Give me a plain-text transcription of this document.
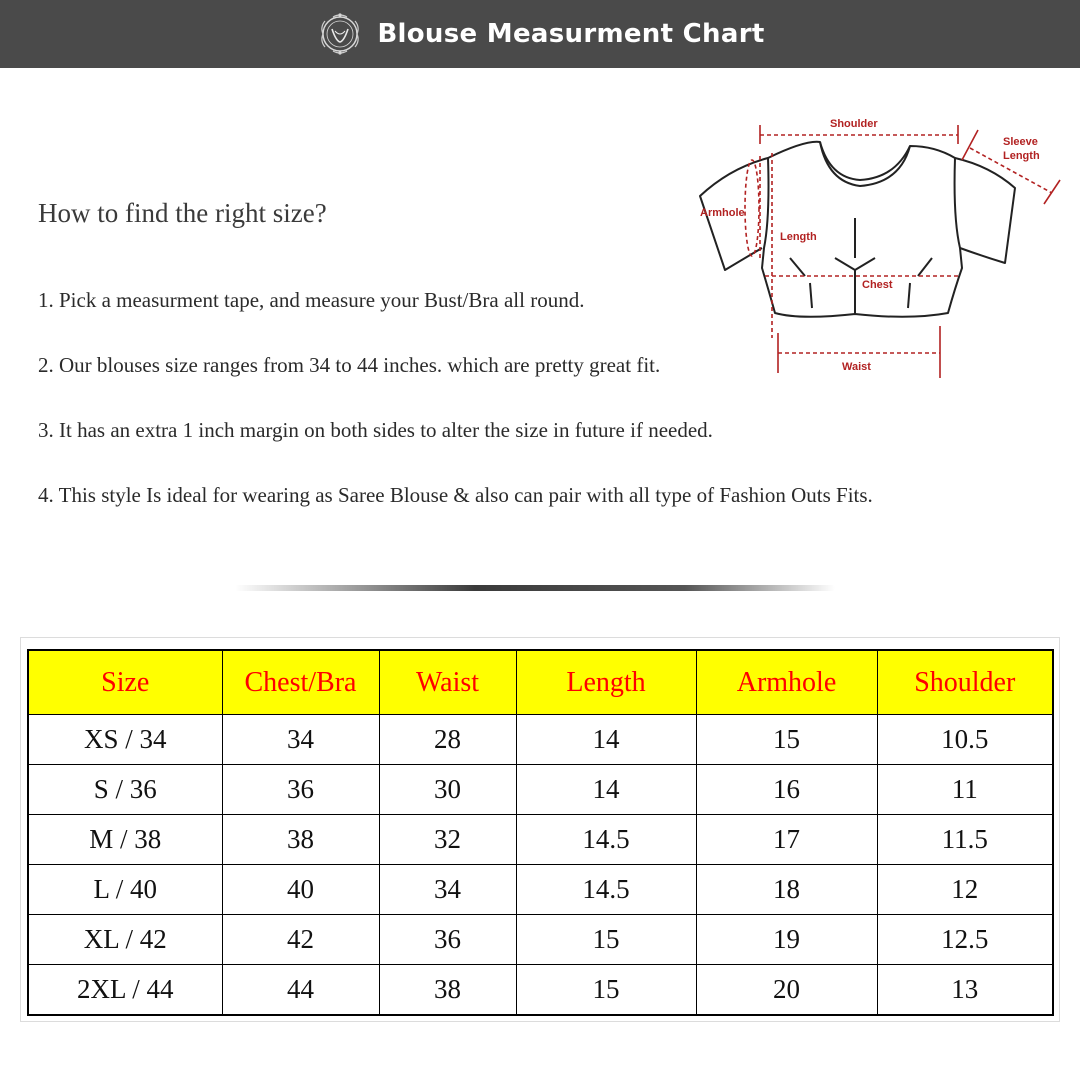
Blouse Measurment Chart
How to find the right size?
1. Pick a measurment tape, and measure your Bust/Bra all round.
2. Our blouses size ranges from 34 to 44 inches. which are pretty great fit.
3. It has an extra 1 inch margin on both sides to alter the size in future if needed.
4. This style Is ideal for wearing as Saree Blouse & also can pair with all type of Fashion Outs Fits.
Shoulder
Sleeve
Length
Armhole
Length
Chest
Waist
Size	Chest/Bra	Waist	Length	Armhole	Shoulder
XS / 34	34	28	14	15	10.5
S / 36	36	30	14	16	11
M / 38	38	32	14.5	17	11.5
L / 40	40	34	14.5	18	12
XL / 42	42	36	15	19	12.5
2XL / 44	44	38	15	20	13
